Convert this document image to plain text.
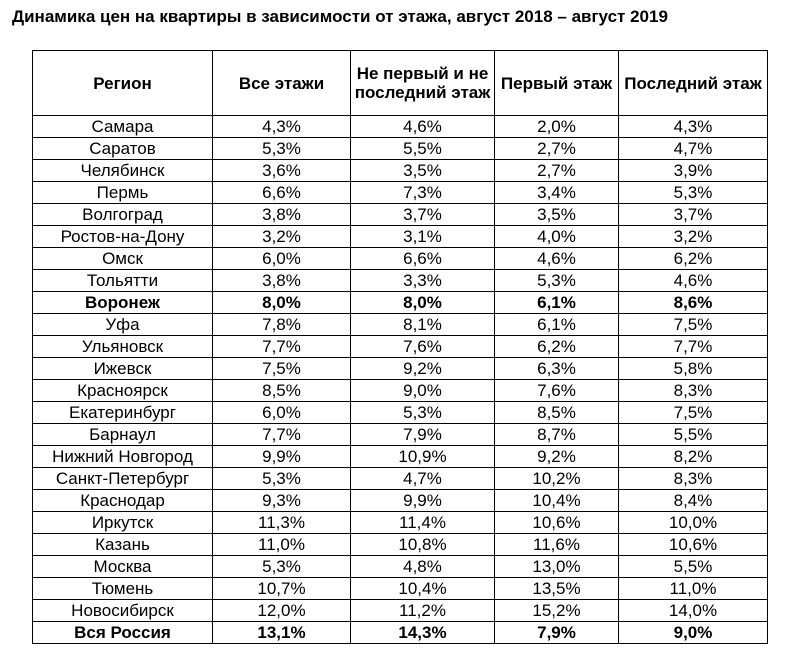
Динамика цен на квартиры в зависимости от этажа, август 2018 – август 2019
Регион	Все этажи	Не первый и не последний этаж	Первый этаж	Последний этаж
Самара	4,3%	4,6%	2,0%	4,3%
Саратов	5,3%	5,5%	2,7%	4,7%
Челябинск	3,6%	3,5%	2,7%	3,9%
Пермь	6,6%	7,3%	3,4%	5,3%
Волгоград	3,8%	3,7%	3,5%	3,7%
Ростов-на-Дону	3,2%	3,1%	4,0%	3,2%
Омск	6,0%	6,6%	4,6%	6,2%
Тольятти	3,8%	3,3%	5,3%	4,6%
Воронеж	8,0%	8,0%	6,1%	8,6%
Уфа	7,8%	8,1%	6,1%	7,5%
Ульяновск	7,7%	7,6%	6,2%	7,7%
Ижевск	7,5%	9,2%	6,3%	5,8%
Красноярск	8,5%	9,0%	7,6%	8,3%
Екатеринбург	6,0%	5,3%	8,5%	7,5%
Барнаул	7,7%	7,9%	8,7%	5,5%
Нижний Новгород	9,9%	10,9%	9,2%	8,2%
Санкт-Петербург	5,3%	4,7%	10,2%	8,3%
Краснодар	9,3%	9,9%	10,4%	8,4%
Иркутск	11,3%	11,4%	10,6%	10,0%
Казань	11,0%	10,8%	11,6%	10,6%
Москва	5,3%	4,8%	13,0%	5,5%
Тюмень	10,7%	10,4%	13,5%	11,0%
Новосибирск	12,0%	11,2%	15,2%	14,0%
Вся Россия	13,1%	14,3%	7,9%	9,0%
